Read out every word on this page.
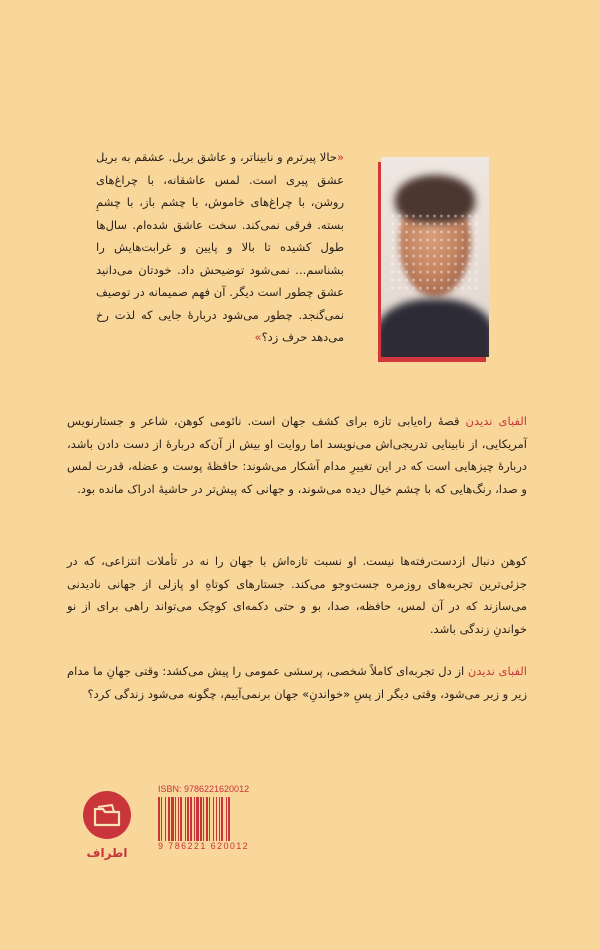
«حالا پیرترم و نابیناتر، و عاشق بریل. عشقم به بریل عشق پیری است. لمس عاشقانه، با چراغ‌های روشن، با چراغ‌های خاموش، با چشم باز، با چشمِ بسته. فرقی نمی‌کند. سخت عاشق شده‌ام. سال‌ها طول کشیده تا بالا و پایین و غرابت‌هایش را بشناسم... نمی‌شود توضیحش داد. خودتان می‌دانید عشق چطور است دیگر. آن فهم صمیمانه در توصیف نمی‌گنجد. چطور می‌شود دربارهٔ جایی که لذت رخ می‌دهد حرف زد؟»

الفبای ندیدن قصهٔ راه‌یابی تازه برای کشف جهان است. نائومی کوهن، شاعر و جستارنویس آمریکایی، از نابینایی تدریجی‌اش می‌نویسد اما روایت او بیش از آن‌که دربارهٔ از دست دادن باشد، دربارهٔ چیزهایی است که در این تغییرِ مدام آشکار می‌شوند: حافظهٔ پوست و عضله، قدرت لمس و صدا، رنگ‌هایی که با چشم خیال دیده می‌شوند، و جهانی که پیش‌تر در حاشیهٔ ادراک مانده بود.

کوهن دنبال ازدست‌رفته‌ها نیست. او نسبت تازه‌اش با جهان را نه در تأملات انتزاعی، که در جزئی‌ترین تجربه‌های روزمره جست‌وجو می‌کند. جستارهای کوتاهِ او پازلی از جهانی نادیدنی می‌سازند که در آن لمس، حافظه، صدا، بو و حتی دکمه‌ای کوچک می‌تواند راهی برای از نو خواندنِ زندگی باشد.

الفبای ندیدن از دل تجربه‌ای کاملاً شخصی، پرسشی عمومی را پیش می‌کشد: وقتی جهانِ ما مدام زیر و زبر می‌شود، وقتی دیگر از پسِ «خواندنِ» جهان برنمی‌آییم، چگونه می‌شود زندگی کرد؟

ISBN: 9786221620012
9 786221 620012
اطراف
